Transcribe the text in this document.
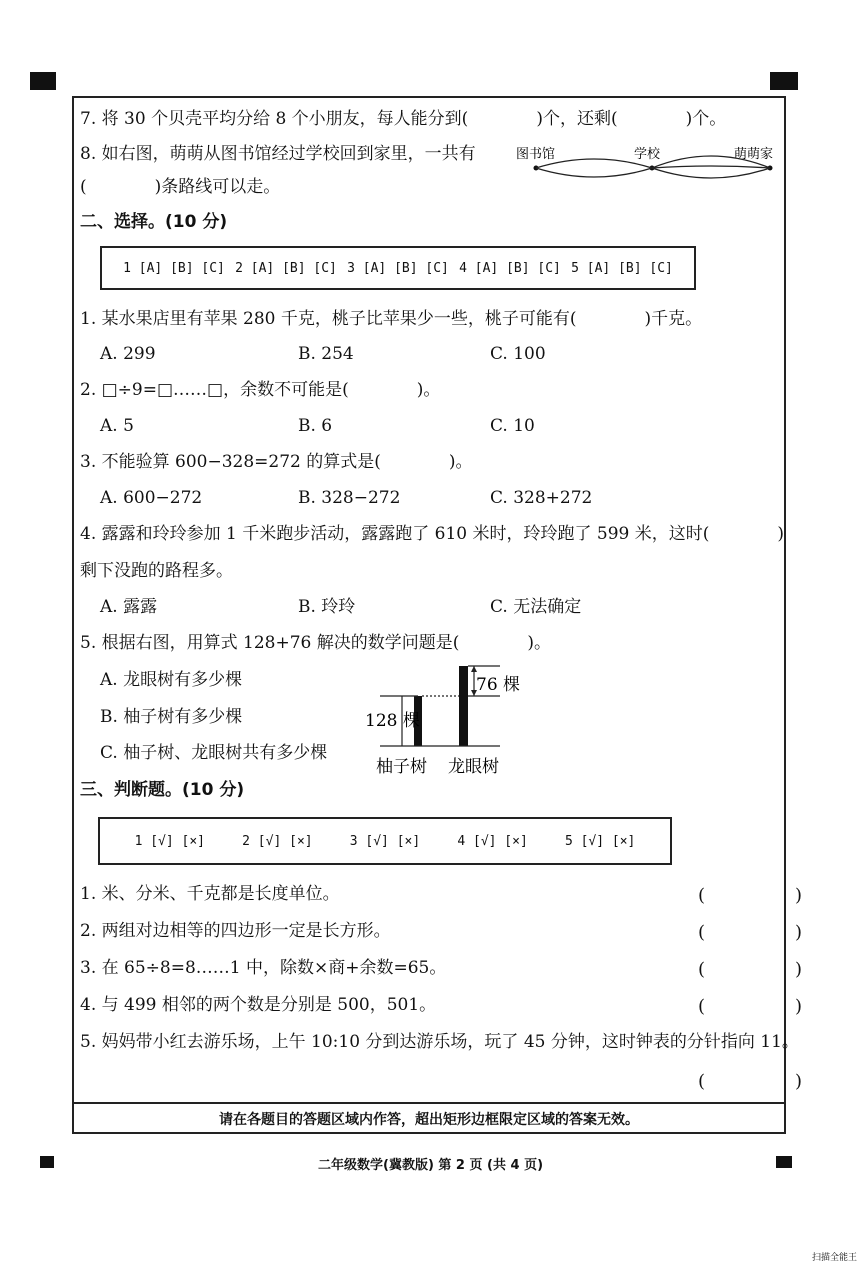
7. 将 30 个贝壳平均分给 8 个小朋友，每人能分到(　　　　)个，还剩(　　　　)个。
8. 如右图，萌萌从图书馆经过学校回到家里，一共有
(　　　　)条路线可以走。
图书馆	学校	萌萌家
二、选择。(10 分)
1 [A] [B] [C] 2 [A] [B] [C] 3 [A] [B] [C] 4 [A] [B] [C] 5 [A] [B] [C]
1. 某水果店里有苹果 280 千克，桃子比苹果少一些，桃子可能有(　　　　)千克。
A. 299	B. 254	C. 100
2. □÷9=□……□，余数不可能是(　　　　)。
A. 5	B. 6	C. 10
3. 不能验算 600−328=272 的算式是(　　　　)。
A. 600−272	B. 328−272	C. 328+272
4. 露露和玲玲参加 1 千米跑步活动，露露跑了 610 米时，玲玲跑了 599 米，这时(　　　　)
剩下没跑的路程多。
A. 露露	B. 玲玲	C. 无法确定
5. 根据右图，用算式 128+76 解决的数学问题是(　　　　)。
A. 龙眼树有多少棵
B. 柚子树有多少棵
C. 柚子树、龙眼树共有多少棵
128 棵
76 棵
柚子树 龙眼树
三、判断题。(10 分)
1 [√] [×]	2 [√] [×]	3 [√] [×]	4 [√] [×]	5 [√] [×]
1. 米、分米、千克都是长度单位。	(　　　　　)
2. 两组对边相等的四边形一定是长方形。	(　　　　　)
3. 在 65÷8=8……1 中，除数×商+余数=65。	(　　　　　)
4. 与 499 相邻的两个数是分别是 500，501。	(　　　　　)
5. 妈妈带小红去游乐场，上午 10:10 分到达游乐场，玩了 45 分钟，这时钟表的分针指向 11。
(　　　　　)
请在各题目的答题区域内作答，超出矩形边框限定区域的答案无效。
二年级数学(冀教版) 第 2 页 (共 4 页)
扫描全能王
